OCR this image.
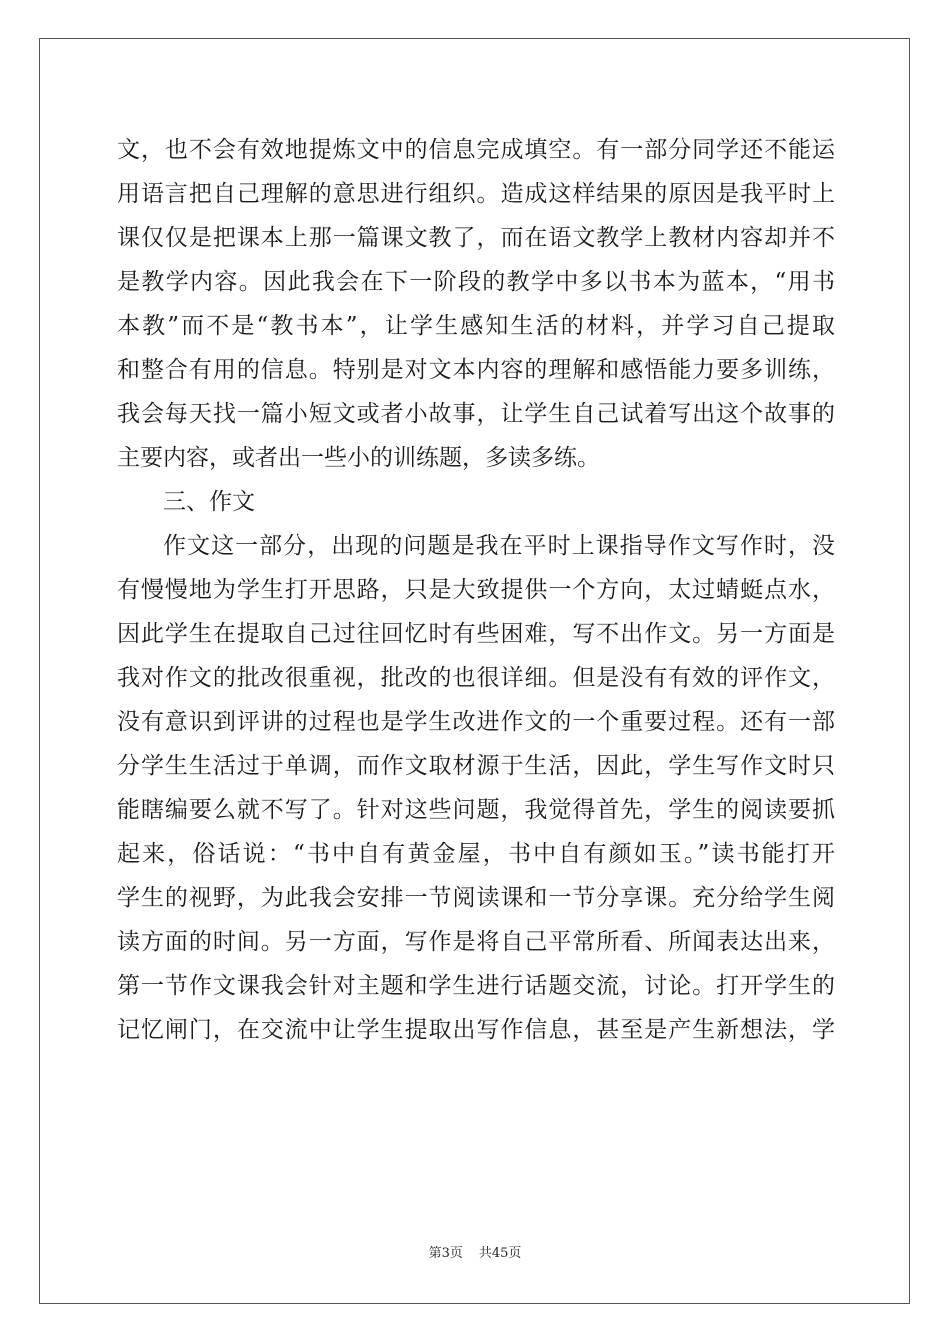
文，也不会有效地提炼文中的信息完成填空。有一部分同学还不能运
用语言把自己理解的意思进行组织。造成这样结果的原因是我平时上
课仅仅是把课本上那一篇课文教了，而在语文教学上教材内容却并不
是教学内容。因此我会在下一阶段的教学中多以书本为蓝本，“用书
本教”而不是“教书本”，让学生感知生活的材料，并学习自己提取
和整合有用的信息。特别是对文本内容的理解和感悟能力要多训练，
我会每天找一篇小短文或者小故事，让学生自己试着写出这个故事的
主要内容，或者出一些小的训练题，多读多练。
三、作文
作文这一部分，出现的问题是我在平时上课指导作文写作时，没
有慢慢地为学生打开思路，只是大致提供一个方向，太过蜻蜓点水，
因此学生在提取自己过往回忆时有些困难，写不出作文。另一方面是
我对作文的批改很重视，批改的也很详细。但是没有有效的评作文，
没有意识到评讲的过程也是学生改进作文的一个重要过程。还有一部
分学生生活过于单调，而作文取材源于生活，因此，学生写作文时只
能瞎编要么就不写了。针对这些问题，我觉得首先，学生的阅读要抓
起来，俗话说：“书中自有黄金屋，书中自有颜如玉。”读书能打开
学生的视野，为此我会安排一节阅读课和一节分享课。充分给学生阅
读方面的时间。另一方面，写作是将自己平常所看、所闻表达出来，
第一节作文课我会针对主题和学生进行话题交流，讨论。打开学生的
记忆闸门，在交流中让学生提取出写作信息，甚至是产生新想法，学
第3页 共45页
